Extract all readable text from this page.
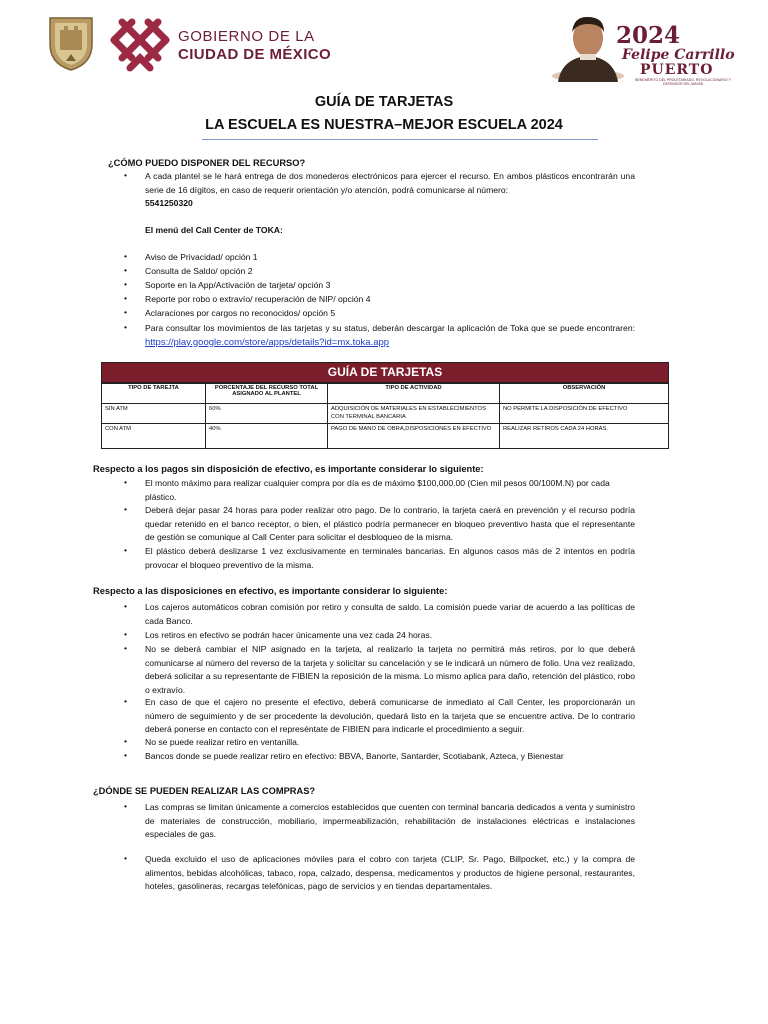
GOBIERNO DE LA
CIUDAD DE MÉXICO
2024
Felipe Carrillo
PUERTO
BENEMÉRITO DEL PROLETARIADO, REVOLUCIONARIO Y DEFENSOR DEL MAYAB
GUÍA DE TARJETAS
LA ESCUELA ES NUESTRA–MEJOR ESCUELA 2024
¿CÓMO PUEDO DISPONER DEL RECURSO?
• A cada plantel se le hará entrega de dos monederos electrónicos para ejercer el recurso. En ambos plásticos encontrarán una serie de 16 dígitos, en caso de requerir orientación y/o atención, podrá comunicarse al número:
5541250320
El menú del Call Center de TOKA:
• Aviso de Privacidad/ opción 1
• Consulta de Saldo/ opción 2
• Soporte en la App/Activación de tarjeta/ opción 3
• Reporte por robo o extravío/ recuperación de NIP/ opción 4
• Aclaraciones por cargos no reconocidos/ opción 5
• Para consultar los movimientos de las tarjetas y su status, deberán descargar la aplicación de Toka que se puede encontraren: https://play.google.com/store/apps/details?id=mx.toka.app
GUÍA DE TARJETAS
TIPO DE TAREJTA	PORCENTAJE DEL RECURSO TOTAL ASIGNADO AL PLANTEL	TIPO DE ACTIVIDAD	OBSERVACIÓN
SIN ATM	60%	ADQUISICIÓN DE MATERIALES EN ESTABLECIMIENTOS CON TERMINAL BANCARIA	NO PERMITE LA DISPOSICIÓN DE EFECTIVO
CON ATM	40%	PAGO DE MANO DE OBRA,DISPOSICIONES EN EFECTIVO	REALIZAR RETIROS CADA 24 HORAS.
Respecto a los pagos sin disposición de efectivo, es importante considerar lo siguiente:
• El monto máximo para realizar cualquier compra por día es de máximo $100,000.00 (Cien mil pesos 00/100M.N) por cada plástico.
• Deberá dejar pasar 24 horas para poder realizar otro pago. De lo contrario, la tarjeta caerá en prevención y el recurso podría quedar retenido en el banco receptor, o bien, el plástico podría permanecer en bloqueo preventivo hasta que el representante de gestión se comunique al Call Center para solicitar el desbloqueo de la misma.
• El plástico deberá deslizarse 1 vez exclusivamente en terminales bancarias. En algunos casos más de 2 intentos en podría provocar el bloqueo preventivo de la misma.
Respecto a las disposiciones en efectivo, es importante considerar lo siguiente:
• Los cajeros automáticos cobran comisión por retiro y consulta de saldo. La comisión puede variar de acuerdo a las políticas de cada Banco.
• Los retiros en efectivo se podrán hacer únicamente una vez cada 24 horas.
• No se deberá cambiar el NIP asignado en la tarjeta, al realizarlo la tarjeta no permitirá más retiros, por lo que deberá comunicarse al número del reverso de la tarjeta y solicitar su cancelación y se le indicará un número de folio. Una vez realizado, deberá solicitar a su representante de FIBIEN la reposición de la misma. Lo mismo aplica para daño, retención del plástico, robo o extravío.
• En caso de que el cajero no presente el efectivo, deberá comunicarse de inmediato al Call Center, les proporcionarán un número de seguimiento y de ser procedente la devolución, quedará listo en la tarjeta que se encuentre activa. De lo contrario deberá ponerse en contacto con el represéntate de FIBIEN para indicarle el procedimiento a seguir.
• No se puede realizar retiro en ventanilla.
• Bancos donde se puede realizar retiro en efectivo: BBVA, Banorte, Santarder, Scotiabank, Azteca, y Bienestar
¿DÓNDE SE PUEDEN REALIZAR LAS COMPRAS?
• Las compras se limitan únicamente a comercios establecidos que cuenten con terminal bancaria dedicados a venta y suministro de materiales de construcción, mobiliario, impermeabilización, rehabilitación de instalaciones eléctricas e instalaciones especiales de gas.
• Queda excluido el uso de aplicaciones móviles para el cobro con tarjeta (CLIP, Sr. Pago, Billpocket, etc.) y la compra de alimentos, bebidas alcohólicas, tabaco, ropa, calzado, despensa, medicamentos y productos de higiene personal, restaurantes, hoteles, gasolineras, recargas telefónicas, pago de servicios y en tiendas departamentales.
